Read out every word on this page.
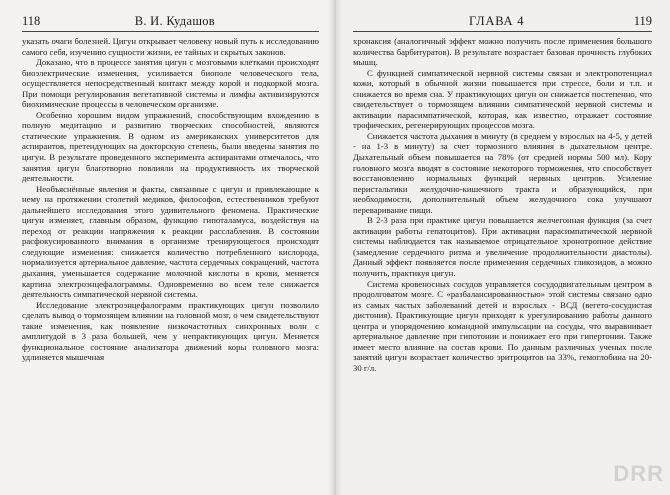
118	В. И. Кудашов

указать очаги болезней. Цигун открывает человеку новый путь к исследованию самого себя, изучению сущности жизни, ее тайных и скрытых законов.

Доказано, что в процессе занятия цигун с мозговыми клетками происходят биоэлектрические изменения, усиливается биополе человеческого тела, осуществляется непосредственный контакт между корой и подкоркой мозга. При помощи регулирования вегетативной системы и лимфы активизируются биохимические процессы в человеческом организме.

Особенно хорошим видом упражнений, способствующим вхождению в полную медитацию и развитию творческих способностей, являются статические упражнения. В одном из американских университетов для аспирантов, претендующих на докторскую степень, были введены занятия по цигун. В результате проведенного эксперимента аспирантами отмечалось, что занятия цигун благотворно повлияли на продуктивность их творческой деятельности.

Необъяснённые явления и факты, связанные с цигун и привлекающие к нему на протяжении столетий медиков, философов, естественников требуют дальнейшего исследования этого удивительного феномена. Практические цигун изменяет, главным образом, функцию гипоталамуса, воздействуя на переход от реакции напряжения к реакции расслабления. В состоянии расфокусированного внимания в организме тренирующегося происходят следующие изменения: снижается количество потребленного кислорода, нормализуется артериальное давление, частота сердечных сокращений, частота дыхания, уменьшается содержание молочной кислоты в крови, меняется картина электроэнцефалограммы. Одновременно во всем теле снижается деятельность симпатической нервной системы.

Исследование электроэнцефалограмм практикующих цигун позволило сделать вывод о тормозящем влиянии на головной мозг, о чем свидетельствуют такие изменения, как появление низкочастотных синхронных волн с амплитудой в 3 раза большей, чем у непрактикующих цигун. Меняется функциональное состояние анализатора движений коры головного мозга: удлиняется мышечная

ГЛАВА 4	119

хронаксия (аналогичный эффект можно получить после применения большого количества барбитуратов). В результате возрастает базовая прочность глубоких мышц.

С функцией симпатической нервной системы связан и электропотенциал кожи, который в обычной жизни повышается при стрессе, боли и т.п. и снижается во время сна. У практикующих цигун он снижается постепенно, что свидетельствует о тормозящем влиянии симпатической нервной системы и активации парасимпатической, которая, как известно, отражает состояние трофических, регенерирующих процессов мозга.

Снижается частота дыхания в минуту (в среднем у взрослых на 4-5, у детей - на 1-3 в минуту) за счет тормозного влияния в дыхательном центре. Дыхательный объем повышается на 78% (от средней нормы 500 мл). Кору головного мозга вводят в состояние некоторого торможения, что способствует восстановлению нормальных функций нервных центров. Усиление перистальтики желудочно-кишечного тракта и образующийся, при необходимости, дополнительный объем желудочного сока улучшают переваривание пищи.

В 2-3 раза при практике цигун повышается желчегонная функция (за счет активации работы гепатоцитов). При активации парасимпатической нервной системы наблюдается так называемое отрицательное хронотропное действие (замедление сердечного ритма и увеличение продолжительности диастолы). Данный эффект появляется после применения сердечных гликозидов, а можно получить, практикуя цигун.

Система кровеносных сосудов управляется сосудодвигательным центром в продолговатом мозге. С «разбалансированностью» этой системы связано одно из самых частых заболеваний детей и взрослых - ВСД (вегето-сосудистая дистония). Практикующие цигун приходят к урегулированию работы данного центра и упорядочению командной импульсации на сосуды, что выравнивает артериальное давление при гипотонии и понижает его при гипертонии. Также имеет место влияние на состав крови. По данным различных ученых после занятий цигун возрастает количество эритроцитов на 33%, гемоглобина на 20-30 г/л.

DRR
